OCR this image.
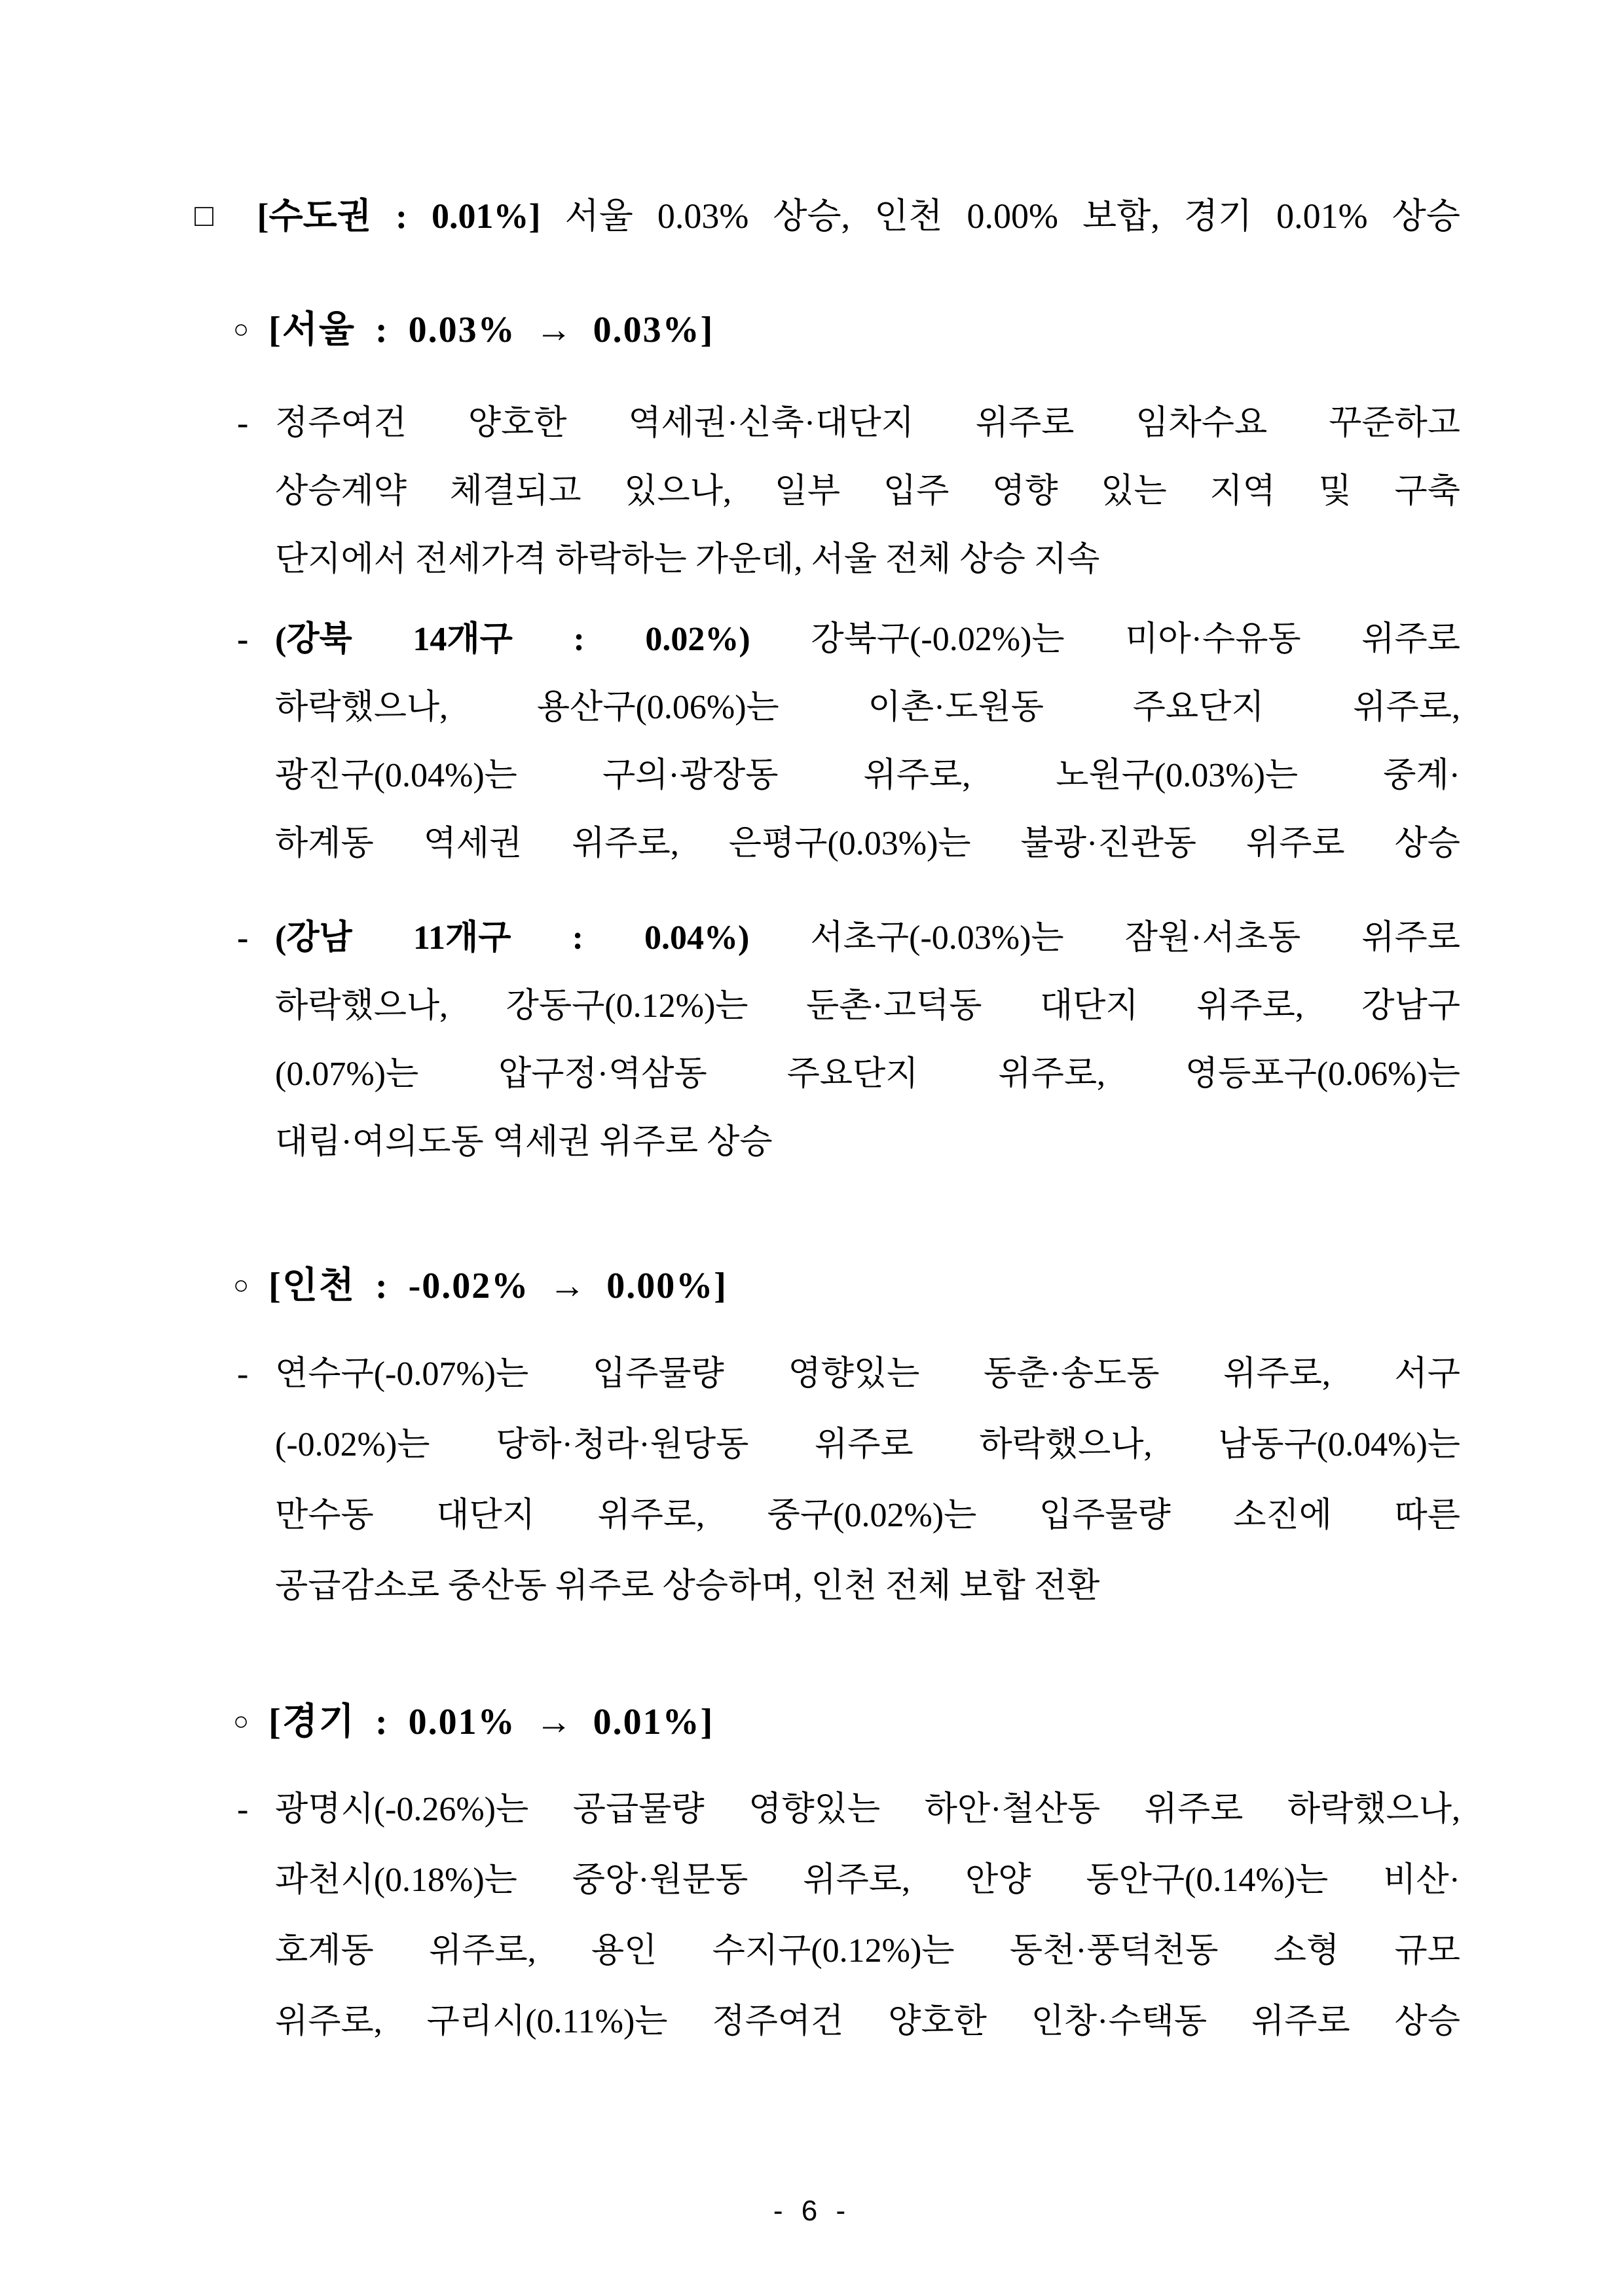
□ [수도권 : 0.01%] 서울 0.03% 상승, 인천 0.00% 보합, 경기 0.01% 상승
○ [서울 : 0.03% → 0.03%]
- 정주여건 양호한 역세권·신축·대단지 위주로 임차수요 꾸준하고
상승계약 체결되고 있으나, 일부 입주 영향 있는 지역 및 구축
단지에서 전세가격 하락하는 가운데, 서울 전체 상승 지속
- (강북 14개구 : 0.02%) 강북구(-0.02%)는 미아·수유동 위주로
하락했으나, 용산구(0.06%)는 이촌·도원동 주요단지 위주로,
광진구(0.04%)는 구의·광장동 위주로, 노원구(0.03%)는 중계·
하계동 역세권 위주로, 은평구(0.03%)는 불광·진관동 위주로 상승
- (강남 11개구 : 0.04%) 서초구(-0.03%)는 잠원·서초동 위주로
하락했으나, 강동구(0.12%)는 둔촌·고덕동 대단지 위주로, 강남구
(0.07%)는 압구정·역삼동 주요단지 위주로, 영등포구(0.06%)는
대림·여의도동 역세권 위주로 상승
○ [인천 : -0.02% → 0.00%]
- 연수구(-0.07%)는 입주물량 영향있는 동춘·송도동 위주로, 서구
(-0.02%)는 당하·청라·원당동 위주로 하락했으나, 남동구(0.04%)는
만수동 대단지 위주로, 중구(0.02%)는 입주물량 소진에 따른
공급감소로 중산동 위주로 상승하며, 인천 전체 보합 전환
○ [경기 : 0.01% → 0.01%]
- 광명시(-0.26%)는 공급물량 영향있는 하안·철산동 위주로 하락했으나,
과천시(0.18%)는 중앙·원문동 위주로, 안양 동안구(0.14%)는 비산·
호계동 위주로, 용인 수지구(0.12%)는 동천·풍덕천동 소형 규모
위주로, 구리시(0.11%)는 정주여건 양호한 인창·수택동 위주로 상승
- 6 -
